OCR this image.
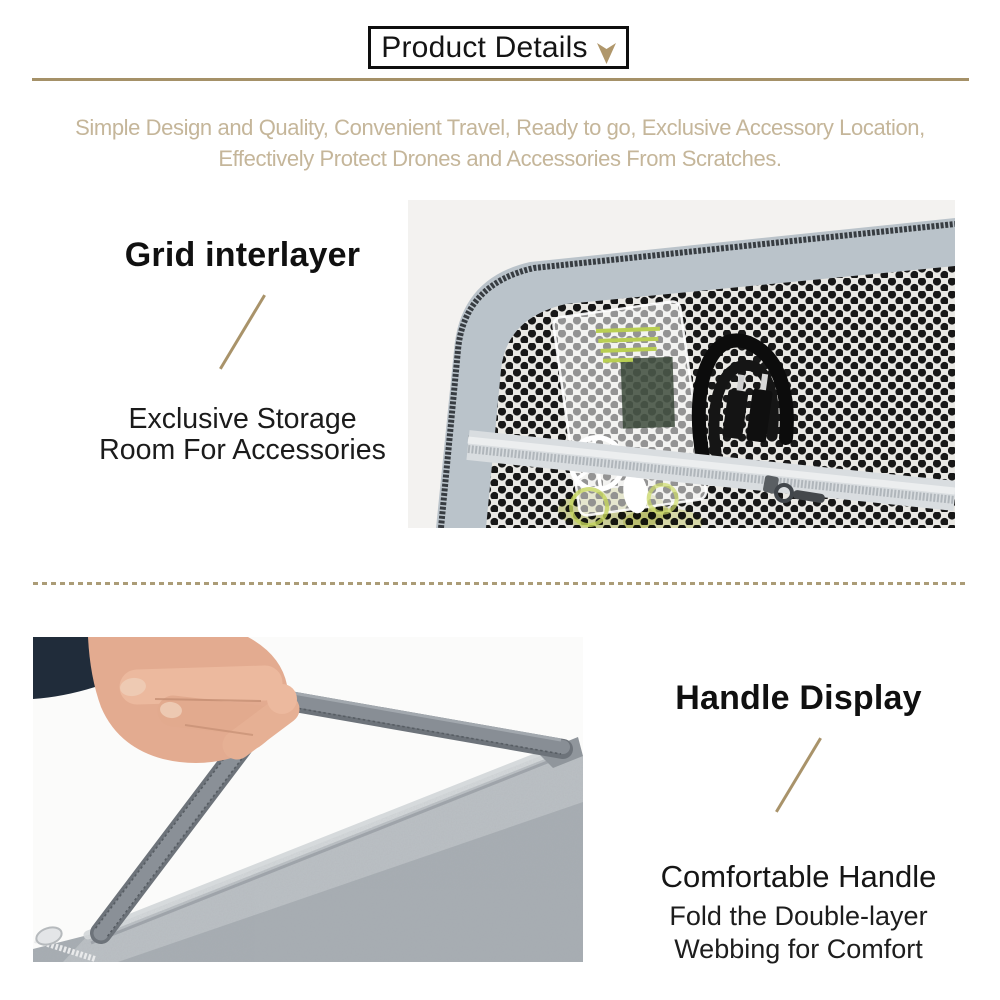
Product Details

Simple Design and Quality, Convenient Travel, Ready to go, Exclusive Accessory Location,
Effectively Protect Drones and Accessories From Scratches.

Grid interlayer
Exclusive Storage
Room For Accessories
Handle Display
Comfortable Handle
Fold the Double-layer
Webbing for Comfort
